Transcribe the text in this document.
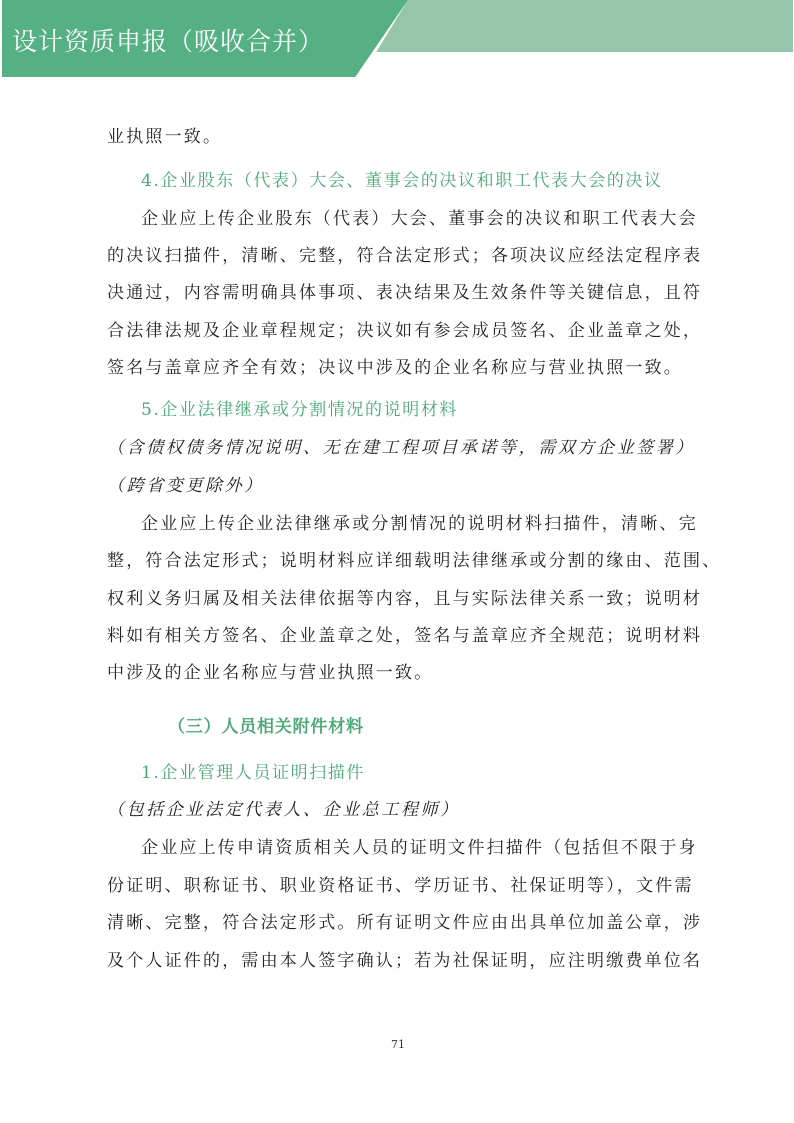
设计资质申报（吸收合并）
业执照一致。
4.企业股东（代表）大会、董事会的决议和职工代表大会的决议
企业应上传企业股东（代表）大会、董事会的决议和职工代表大会
的决议扫描件，清晰、完整，符合法定形式；各项决议应经法定程序表
决通过，内容需明确具体事项、表决结果及生效条件等关键信息，且符
合法律法规及企业章程规定；决议如有参会成员签名、企业盖章之处，
签名与盖章应齐全有效；决议中涉及的企业名称应与营业执照一致。
5.企业法律继承或分割情况的说明材料
（含债权债务情况说明、无在建工程项目承诺等，需双方企业签署）
（跨省变更除外）
企业应上传企业法律继承或分割情况的说明材料扫描件，清晰、完
整，符合法定形式；说明材料应详细载明法律继承或分割的缘由、范围、
权利义务归属及相关法律依据等内容，且与实际法律关系一致；说明材
料如有相关方签名、企业盖章之处，签名与盖章应齐全规范；说明材料
中涉及的企业名称应与营业执照一致。
（三）人员相关附件材料
1.企业管理人员证明扫描件
（包括企业法定代表人、企业总工程师）
企业应上传申请资质相关人员的证明文件扫描件（包括但不限于身
份证明、职称证书、职业资格证书、学历证书、社保证明等），文件需
清晰、完整，符合法定形式。所有证明文件应由出具单位加盖公章，涉
及个人证件的，需由本人签字确认；若为社保证明，应注明缴费单位名
71
